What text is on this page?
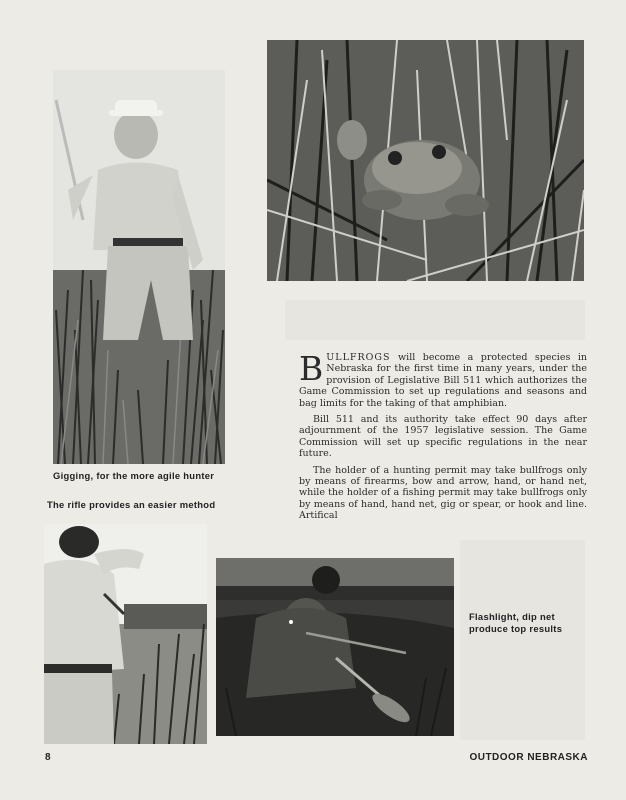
Gigging, for the more agile hunter
The rifle provides an easier method
Flashlight, dip net
produce top results

BULLFROGS will become a protected species in Nebraska for the first time in many years, under the provision of Legislative Bill 511 which authorizes the Game Commission to set up regulations and seasons and bag limits for the taking of that amphibian.

Bill 511 and its authority take effect 90 days after adjournment of the 1957 legislative session. The Game Commission will set up specific regulations in the near future.

The holder of a hunting permit may take bullfrogs only by means of firearms, bow and arrow, hand, or hand net, while the holder of a fishing permit may take bullfrogs only by means of hand, hand net, gig or spear, or hook and line. Artifical

8	OUTDOOR NEBRASKA
